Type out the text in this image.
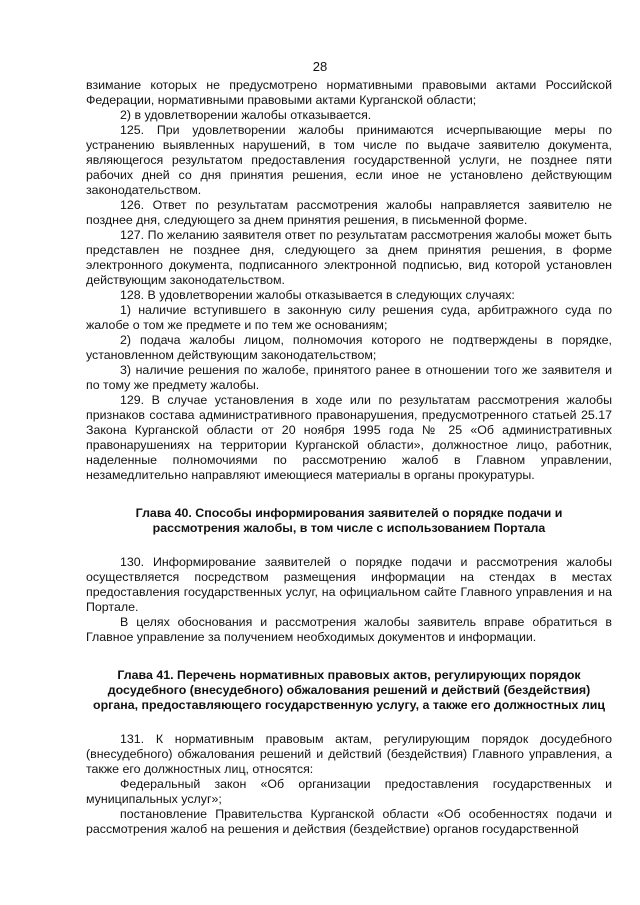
28

взимание которых не предусмотрено нормативными правовыми актами Российской Федерации, нормативными правовыми актами Курганской области;

2) в удовлетворении жалобы отказывается.

125. При удовлетворении жалобы принимаются исчерпывающие меры по устранению выявленных нарушений, в том числе по выдаче заявителю документа, являющегося результатом предоставления государственной услуги, не позднее пяти рабочих дней со дня принятия решения, если иное не установлено действующим законодательством.

126. Ответ по результатам рассмотрения жалобы направляется заявителю не позднее дня, следующего за днем принятия решения, в письменной форме.

127. По желанию заявителя ответ по результатам рассмотрения жалобы может быть представлен не позднее дня, следующего за днем принятия решения, в форме электронного документа, подписанного электронной подписью, вид которой установлен действующим законодательством.

128. В удовлетворении жалобы отказывается в следующих случаях:

1) наличие вступившего в законную силу решения суда, арбитражного суда по жалобе о том же предмете и по тем же основаниям;

2) подача жалобы лицом, полномочия которого не подтверждены в порядке, установленном действующим законодательством;

3) наличие решения по жалобе, принятого ранее в отношении того же заявителя и по тому же предмету жалобы.

129. В случае установления в ходе или по результатам рассмотрения жалобы признаков состава административного правонарушения, предусмотренного статьей 25.17 Закона Курганской области от 20 ноября 1995 года № 25 «Об административных правонарушениях на территории Курганской области», должностное лицо, работник, наделенные полномочиями по рассмотрению жалоб в Главном управлении, незамедлительно направляют имеющиеся материалы в органы прокуратуры.

Глава 40. Способы информирования заявителей о порядке подачи и
рассмотрения жалобы, в том числе с использованием Портала

130. Информирование заявителей о порядке подачи и рассмотрения жалобы осуществляется посредством размещения информации на стендах в местах предоставления государственных услуг, на официальном сайте Главного управления и на Портале.

В целях обоснования и рассмотрения жалобы заявитель вправе обратиться в Главное управление за получением необходимых документов и информации.

Глава 41. Перечень нормативных правовых актов, регулирующих порядок
досудебного (внесудебного) обжалования решений и действий (бездействия)
органа, предоставляющего государственную услугу, а также его должностных лиц

131. К нормативным правовым актам, регулирующим порядок досудебного (внесудебного) обжалования решений и действий (бездействия) Главного управления, а также его должностных лиц, относятся:

Федеральный закон «Об организации предоставления государственных и муниципальных услуг»;

постановление Правительства Курганской области «Об особенностях подачи и рассмотрения жалоб на решения и действия (бездействие) органов государственной
